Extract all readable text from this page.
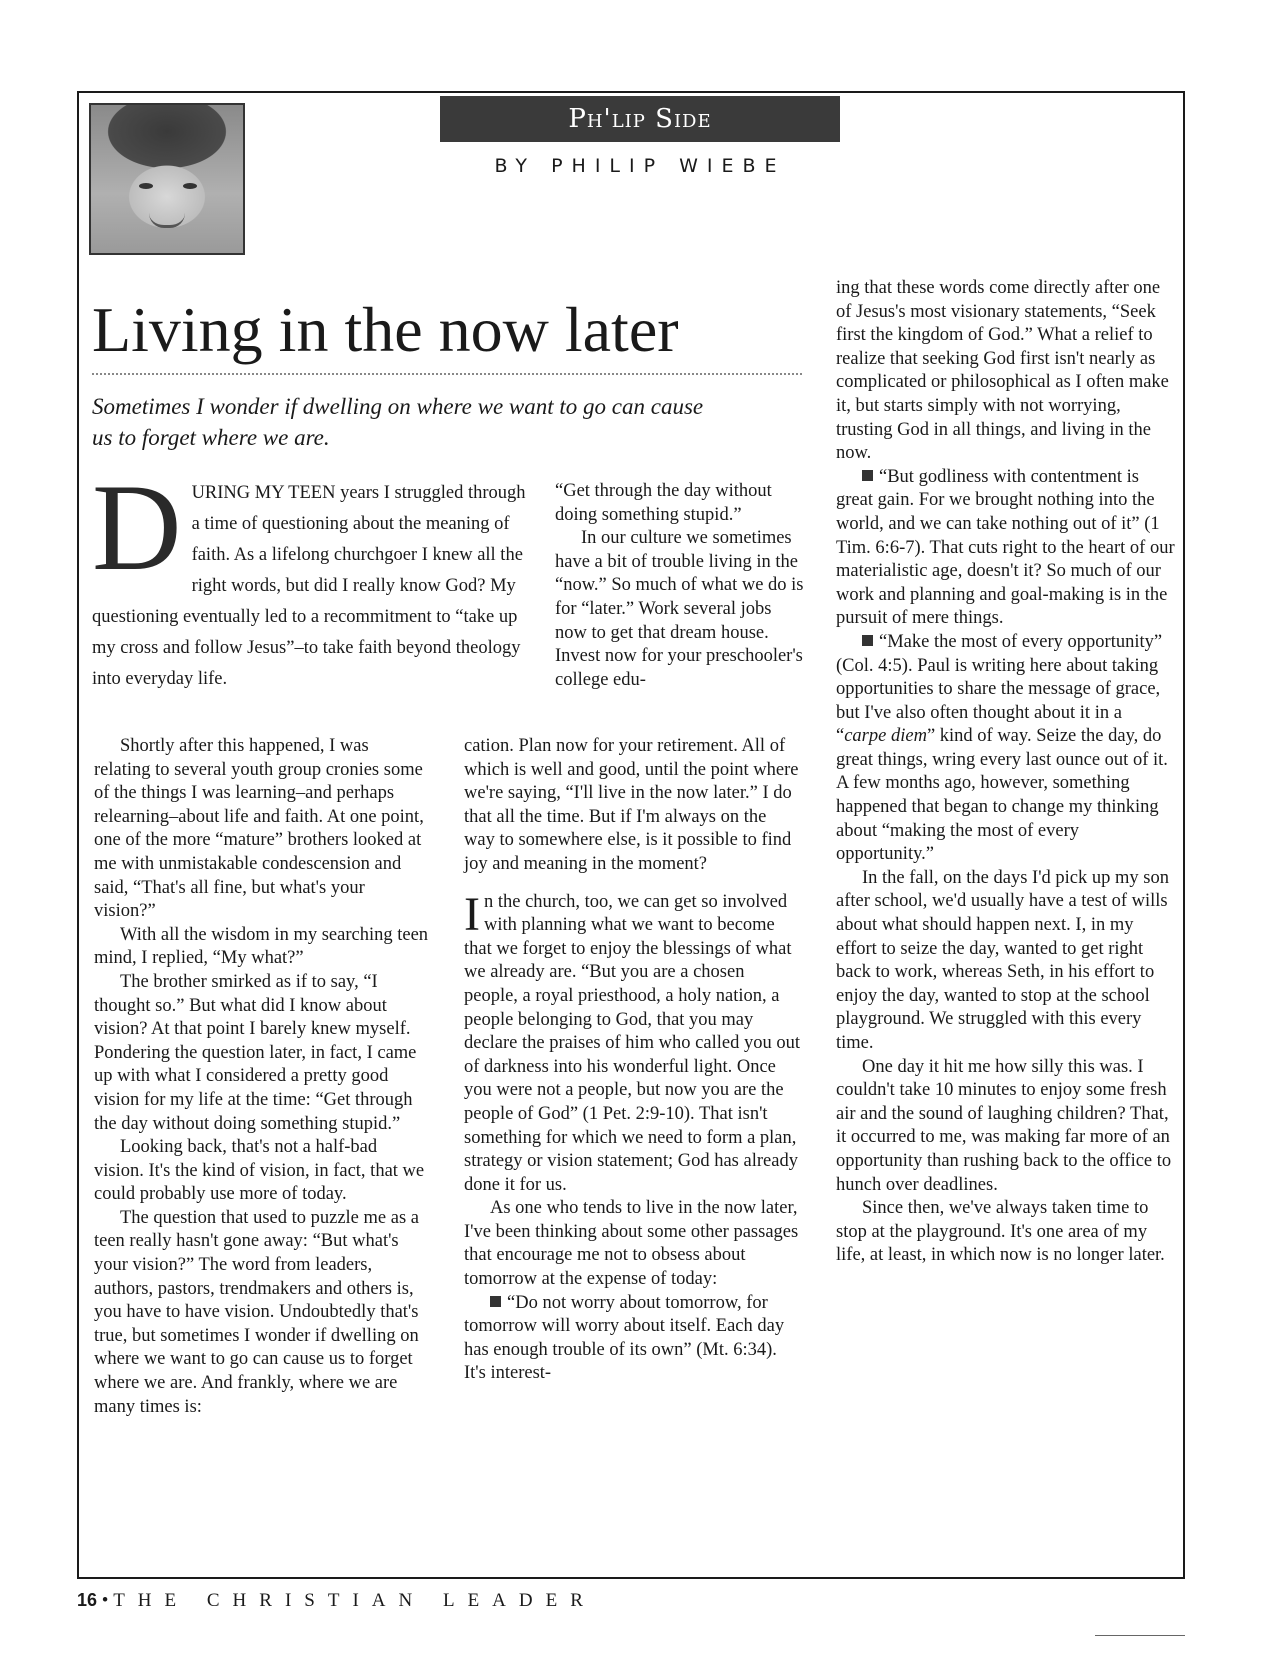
Ph'lip Side
BY PHILIP WIEBE
Living in the now later
Sometimes I wonder if dwelling on where we want to go can cause us to forget where we are.
D URING MY TEEN years I struggled through a time of questioning about the meaning of faith. As a lifelong churchgoer I knew all the right words, but did I really know God? My questioning eventually led to a recommitment to “take up my cross and follow Jesus”–to take faith beyond theology into everyday life.

Shortly after this happened, I was relating to several youth group cronies some of the things I was learning–and perhaps relearning–about life and faith. At one point, one of the more “mature” brothers looked at me with unmistakable condescension and said, “That's all fine, but what's your vision?”

With all the wisdom in my searching teen mind, I replied, “My what?”

The brother smirked as if to say, “I thought so.” But what did I know about vision? At that point I barely knew myself. Pondering the question later, in fact, I came up with what I considered a pretty good vision for my life at the time: “Get through the day without doing something stupid.”

Looking back, that's not a half-bad vision. It's the kind of vision, in fact, that we could probably use more of today.

The question that used to puzzle me as a teen really hasn't gone away: “But what's your vision?” The word from leaders, authors, pastors, trendmakers and others is, you have to have vision. Undoubtedly that's true, but sometimes I wonder if dwelling on where we want to go can cause us to forget where we are. And frankly, where we are many times is:

“Get through the day without doing something stupid.”

In our culture we sometimes have a bit of trouble living in the “now.” So much of what we do is for “later.” Work several jobs now to get that dream house. Invest now for your preschooler's college edu-

cation. Plan now for your retirement. All of which is well and good, until the point where we're saying, “I'll live in the now later.” I do that all the time. But if I'm always on the way to somewhere else, is it possible to find joy and meaning in the moment?

In the church, too, we can get so involved with planning what we want to become that we forget to enjoy the blessings of what we already are. “But you are a chosen people, a royal priesthood, a holy nation, a people belonging to God, that you may declare the praises of him who called you out of darkness into his wonderful light. Once you were not a people, but now you are the people of God” (1 Pet. 2:9-10). That isn't something for which we need to form a plan, strategy or vision statement; God has already done it for us.

As one who tends to live in the now later, I've been thinking about some other passages that encourage me not to obsess about tomorrow at the expense of today:

“Do not worry about tomorrow, for tomorrow will worry about itself. Each day has enough trouble of its own” (Mt. 6:34). It's interest-

ing that these words come directly after one of Jesus's most visionary statements, “Seek first the kingdom of God.” What a relief to realize that seeking God first isn't nearly as complicated or philosophical as I often make it, but starts simply with not worrying, trusting God in all things, and living in the now.

“But godliness with contentment is great gain. For we brought nothing into the world, and we can take nothing out of it” (1 Tim. 6:6-7). That cuts right to the heart of our materialistic age, doesn't it? So much of our work and planning and goal-making is in the pursuit of mere things.

“Make the most of every opportunity” (Col. 4:5). Paul is writing here about taking opportunities to share the message of grace, but I've also often thought about it in a “carpe diem” kind of way. Seize the day, do great things, wring every last ounce out of it. A few months ago, however, something happened that began to change my thinking about “making the most of every opportunity.”

In the fall, on the days I'd pick up my son after school, we'd usually have a test of wills about what should happen next. I, in my effort to seize the day, wanted to get right back to work, whereas Seth, in his effort to enjoy the day, wanted to stop at the school playground. We struggled with this every time.

One day it hit me how silly this was. I couldn't take 10 minutes to enjoy some fresh air and the sound of laughing children? That, it occurred to me, was making far more of an opportunity than rushing back to the office to hunch over deadlines.

Since then, we've always taken time to stop at the playground. It's one area of my life, at least, in which now is no longer later.

16 • THE CHRISTIAN LEADER
